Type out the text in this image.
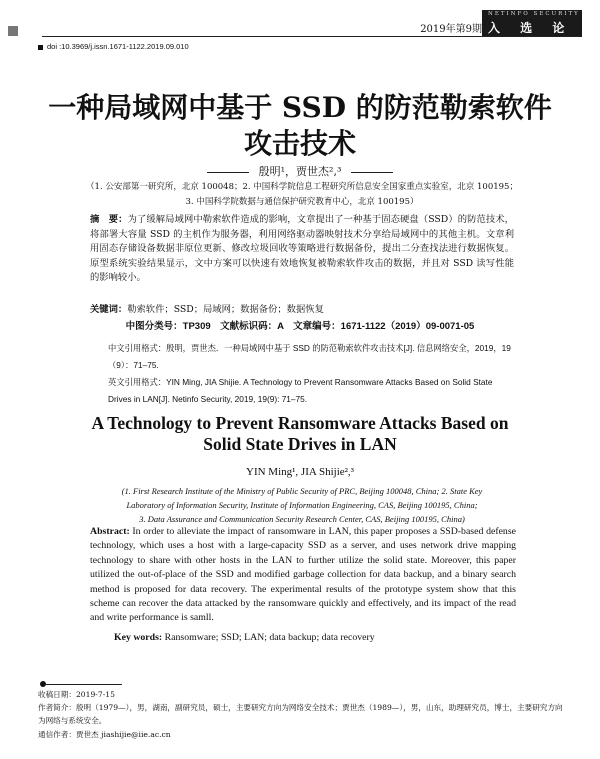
2019年第9期
NETINFO SECURITY
入 选 论 文
doi :10.3969/j.issn.1671-1122.2019.09.010
一种局域网中基于 SSD 的防范勒索软件
攻击技术
殷明¹，贾世杰²,³
（1. 公安部第一研究所，北京 100048；2. 中国科学院信息工程研究所信息安全国家重点实验室，北京 100195；
3. 中国科学院数据与通信保护研究教育中心，北京 100195）
摘　要：为了缓解局域网中勒索软件造成的影响，文章提出了一种基于固态硬盘（SSD）的防范技术，将部署大容量 SSD 的主机作为服务器，利用网络驱动器映射技术分享给局域网中的其他主机。文章利用固态存储设备数据非原位更新、修改垃圾回收等策略进行数据备份，提出二分查找法进行数据恢复。原型系统实验结果显示，文中方案可以快速有效地恢复被勒索软件攻击的数据，并且对 SSD 读写性能的影响较小。
关键词：勒索软件；SSD；局域网；数据备份；数据恢复
中图分类号：TP309　文献标识码：A　文章编号：1671-1122（2019）09-0071-05
中文引用格式：殷明，贾世杰．一种局域网中基于 SSD 的防范勒索软件攻击技术[J]. 信息网络安全，2019，19（9）：71–75.
英文引用格式：YIN Ming, JIA Shijie. A Technology to Prevent Ransomware Attacks Based on Solid State Drives in LAN[J]. Netinfo Security, 2019, 19(9): 71–75.
A Technology to Prevent Ransomware Attacks Based on
Solid State Drives in LAN
YIN Ming¹, JIA Shijie²,³
(1. First Research Institute of the Ministry of Public Security of PRC, Beijing 100048, China; 2. State Key
Laboratory of Information Security, Institute of Information Engineering, CAS, Beijing 100195, China;
3. Data Assurance and Communication Security Research Center, CAS, Beijing 100195, China)
Abstract: In order to alleviate the impact of ransomware in LAN, this paper proposes a SSD-based defense technology, which uses a host with a large-capacity SSD as a server, and uses network drive mapping technology to share with other hosts in the LAN to further utilize the solid state. Moreover, this paper utilized the out-of-place of the SSD and modified garbage collection for data backup, and a binary search method is proposed for data recovery. The experimental results of the prototype system show that this scheme can recover the data attacked by the ransomware quickly and effectively, and its impact of the read and write performance is samll.
Key words: Ransomware; SSD; LAN; data backup; data recovery
收稿日期：2019-7-15
作者简介：殷明（1979—），男，湖南，副研究员，硕士，主要研究方向为网络安全技术；贾世杰（1989—），男，山东，助理研究员，博士，主要研究方向为网络与系统安全。
通信作者：贾世杰 jiashijie@iie.ac.cn
